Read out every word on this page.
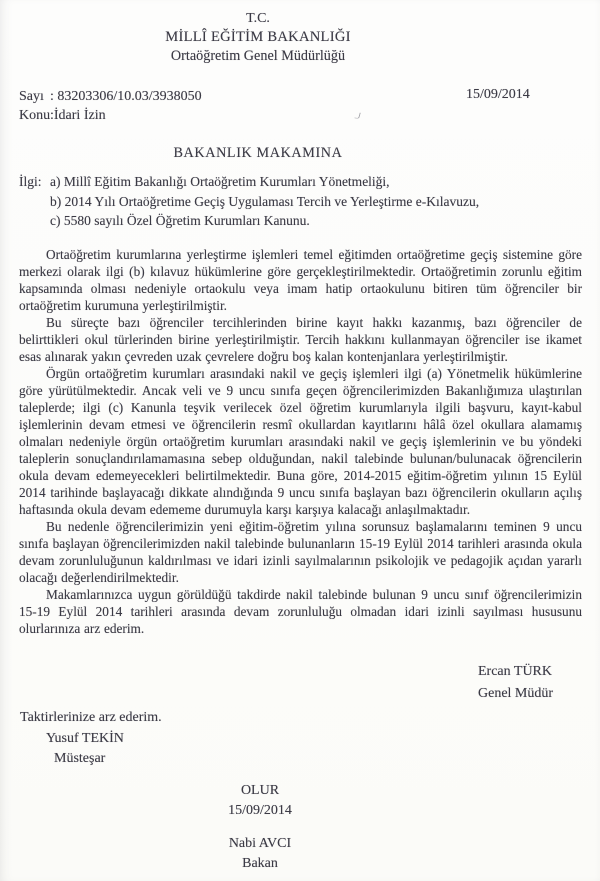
T.C.
MİLLÎ EĞİTİM BAKANLIĞI
Ortaöğretim Genel Müdürlüğü
15/09/2014
Sayı : 83203306/10.03/3938050
Konu :İdari İzin
BAKANLIK MAKAMINA
İlgi: a) Millî Eğitim Bakanlığı Ortaöğretim Kurumları Yönetmeliği,
b) 2014 Yılı Ortaöğretime Geçiş Uygulaması Tercih ve Yerleştirme e-Kılavuzu,
c) 5580 sayılı Özel Öğretim Kurumları Kanunu.

Ortaöğretim kurumlarına yerleştirme işlemleri temel eğitimden ortaöğretime geçiş sistemine göre merkezi olarak ilgi (b) kılavuz hükümlerine göre gerçekleştirilmektedir. Ortaöğretimin zorunlu eğitim kapsamında olması nedeniyle ortaokulu veya imam hatip ortaokulunu bitiren tüm öğrenciler bir ortaöğretim kurumuna yerleştirilmiştir.

Bu süreçte bazı öğrenciler tercihlerinden birine kayıt hakkı kazanmış, bazı öğrenciler de belirttikleri okul türlerinden birine yerleştirilmiştir. Tercih hakkını kullanmayan öğrenciler ise ikamet esas alınarak yakın çevreden uzak çevrelere doğru boş kalan kontenjanlara yerleştirilmiştir.

Örgün ortaöğretim kurumları arasındaki nakil ve geçiş işlemleri ilgi (a) Yönetmelik hükümlerine göre yürütülmektedir. Ancak veli ve 9 uncu sınıfa geçen öğrencilerimizden Bakanlığımıza ulaştırılan taleplerde; ilgi (c) Kanunla teşvik verilecek özel öğretim kurumlarıyla ilgili başvuru, kayıt-kabul işlemlerinin devam etmesi ve öğrencilerin resmî okullardan kayıtlarını hâlâ özel okullara alamamış olmaları nedeniyle örgün ortaöğretim kurumları arasındaki nakil ve geçiş işlemlerinin ve bu yöndeki taleplerin sonuçlandırılamamasına sebep olduğundan, nakil talebinde bulunan/bulunacak öğrencilerin okula devam edemeyecekleri belirtilmektedir. Buna göre, 2014-2015 eğitim-öğretim yılının 15 Eylül 2014 tarihinde başlayacağı dikkate alındığında 9 uncu sınıfa başlayan bazı öğrencilerin okulların açılış haftasında okula devam edememe durumuyla karşı karşıya kalacağı anlaşılmaktadır.

Bu nedenle öğrencilerimizin yeni eğitim-öğretim yılına sorunsuz başlamalarını teminen 9 uncu sınıfa başlayan öğrencilerimizden nakil talebinde bulunanların 15-19 Eylül 2014 tarihleri arasında okula devam zorunluluğunun kaldırılması ve idari izinli sayılmalarının psikolojik ve pedagojik açıdan yararlı olacağı değerlendirilmektedir.

Makamlarınızca uygun görüldüğü takdirde nakil talebinde bulunan 9 uncu sınıf öğrencilerimizin 15-19 Eylül 2014 tarihleri arasında devam zorunluluğu olmadan idari izinli sayılması hususunu olurlarınıza arz ederim.

Ercan TÜRK
Genel Müdür
Taktirlerinize arz ederim.
Yusuf TEKİN
Müsteşar
OLUR
15/09/2014
Nabi AVCI
Bakan
